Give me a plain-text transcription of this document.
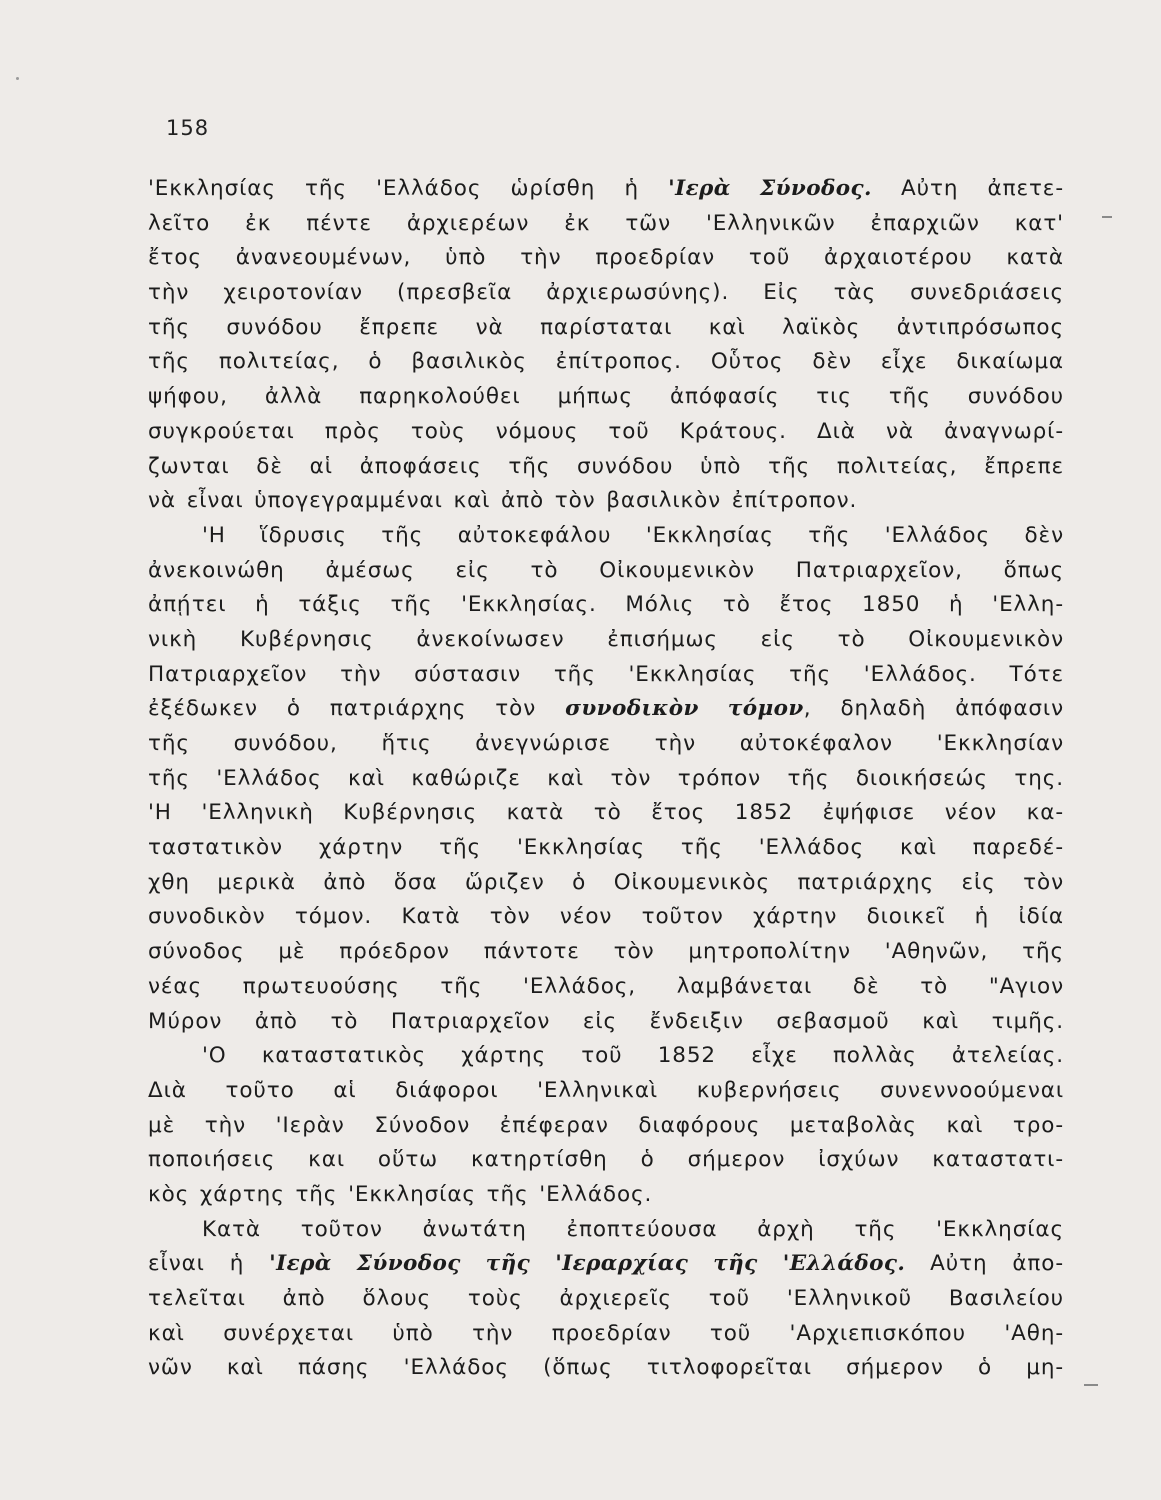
158
'Εκκλησίας τῆς 'Ελλάδος ὡρίσθη ἡ 'Ιερὰ Σύνοδος. Αὐτη ἀπετε-
λεῖτο ἐκ πέντε ἀρχιερέων ἐκ τῶν 'Ελληνικῶν ἐπαρχιῶν κατ'
ἔτος ἀνανεουμένων, ὑπὸ τὴν προεδρίαν τοῦ ἀρχαιοτέρου κατὰ
τὴν χειροτονίαν (πρεσβεῖα ἀρχιερωσύνης). Εἰς τὰς συνεδριάσεις
τῆς συνόδου ἔπρεπε νὰ παρίσταται καὶ λαϊκὸς ἀντιπρόσωπος
τῆς πολιτείας, ὁ βασιλικὸς ἐπίτροπος. Οὗτος δὲν εἶχε δικαίωμα
ψήφου, ἀλλὰ παρηκολούθει μήπως ἀπόφασίς τις τῆς συνόδου
συγκρούεται πρὸς τοὺς νόμους τοῦ Κράτους. Διὰ νὰ ἀναγνωρί-
ζωνται δὲ αἱ ἀποφάσεις τῆς συνόδου ὑπὸ τῆς πολιτείας, ἔπρεπε
νὰ εἶναι ὑπογεγραμμέναι καὶ ἀπὸ τὸν βασιλικὸν ἐπίτροπον.
'Η ἵδρυσις τῆς αὐτοκεφάλου 'Εκκλησίας τῆς 'Ελλάδος δὲν
ἀνεκοινώθη ἀμέσως εἰς τὸ Οἰκουμενικὸν Πατριαρχεῖον, ὅπως
ἀπῄτει ἡ τάξις τῆς 'Εκκλησίας. Μόλις τὸ ἔτος 1850 ἡ 'Ελλη-
νικὴ Κυβέρνησις ἀνεκοίνωσεν ἐπισήμως εἰς τὸ Οἰκουμενικὸν
Πατριαρχεῖον τὴν σύστασιν τῆς 'Εκκλησίας τῆς 'Ελλάδος. Τότε
ἐξέδωκεν ὁ πατριάρχης τὸν συνοδικὸν τόμον, δηλαδὴ ἀπόφασιν
τῆς συνόδου, ἥτις ἀνεγνώρισε τὴν αὐτοκέφαλον 'Εκκλησίαν
τῆς 'Ελλάδος καὶ καθώριζε καὶ τὸν τρόπον τῆς διοικήσεώς της.
'Η 'Ελληνικὴ Κυβέρνησις κατὰ τὸ ἔτος 1852 ἐψήφισε νέον κα-
ταστατικὸν χάρτην τῆς 'Εκκλησίας τῆς 'Ελλάδος καὶ παρεδέ-
χθη μερικὰ ἀπὸ ὅσα ὥριζεν ὁ Οἰκουμενικὸς πατριάρχης εἰς τὸν
συνοδικὸν τόμον. Κατὰ τὸν νέον τοῦτον χάρτην διοικεῖ ἡ ἰδία
σύνοδος μὲ πρόεδρον πάντοτε τὸν μητροπολίτην 'Αθηνῶν, τῆς
νέας πρωτευούσης τῆς 'Ελλάδος, λαμβάνεται δὲ τὸ "Αγιον
Μύρον ἀπὸ τὸ Πατριαρχεῖον εἰς ἔνδειξιν σεβασμοῦ καὶ τιμῆς.
'Ο καταστατικὸς χάρτης τοῦ 1852 εἶχε πολλὰς ἀτελείας.
Διὰ τοῦτο αἱ διάφοροι 'Ελληνικαὶ κυβερνήσεις συνεννοούμεναι
μὲ τὴν 'Ιερὰν Σύνοδον ἐπέφεραν διαφόρους μεταβολὰς καὶ τρο-
ποποιήσεις και οὕτω κατηρτίσθη ὁ σήμερον ἰσχύων καταστατι-
κὸς χάρτης τῆς 'Εκκλησίας τῆς 'Ελλάδος.
Κατὰ τοῦτον ἀνωτάτη ἐποπτεύουσα ἀρχὴ τῆς 'Εκκλησίας
εἶναι ἡ 'Ιερὰ Σύνοδος τῆς 'Ιεραρχίας τῆς 'Ελλάδος. Αὐτη ἀπο-
τελεῖται ἀπὸ ὅλους τοὺς ἀρχιερεῖς τοῦ 'Ελληνικοῦ Βασιλείου
καὶ συνέρχεται ὑπὸ τὴν προεδρίαν τοῦ 'Αρχιεπισκόπου 'Αθη-
νῶν καὶ πάσης 'Ελλάδος (ὅπως τιτλοφορεῖται σήμερον ὁ μη-
